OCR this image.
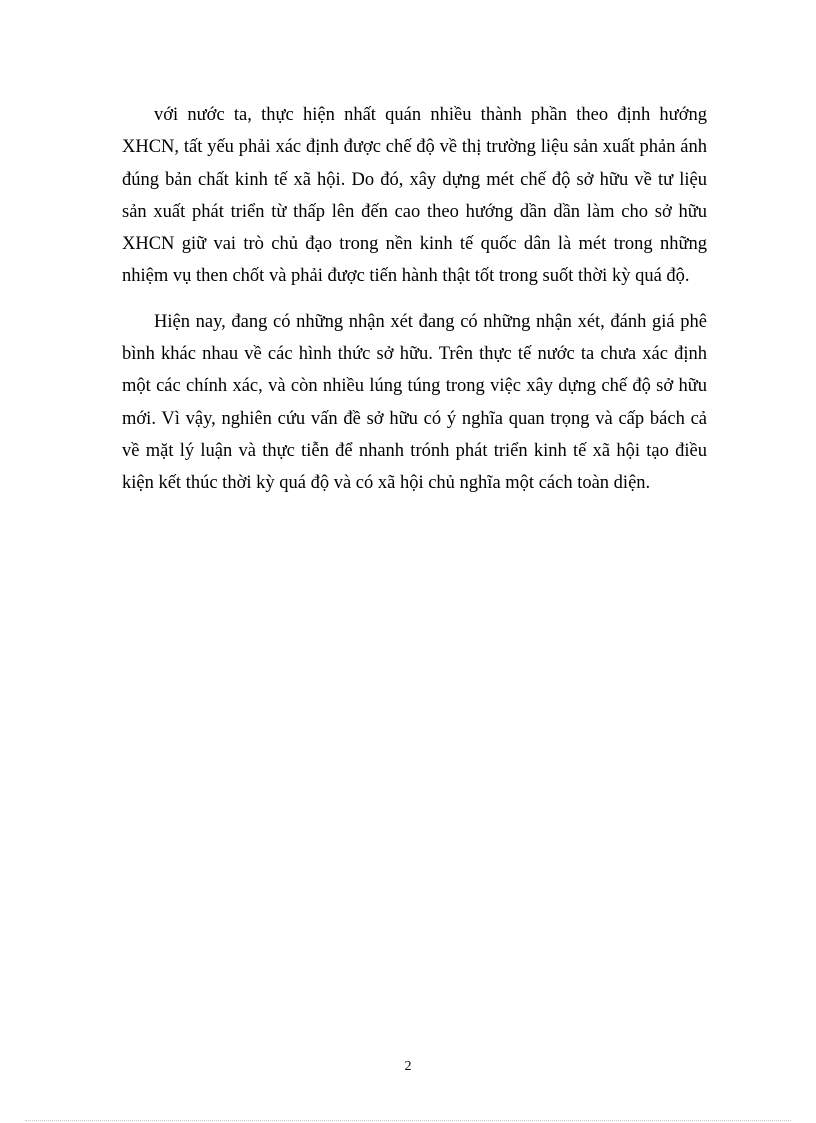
với nước ta, thực hiện nhất quán nhiều thành phần theo định hướng XHCN, tất yếu phải xác định được chế độ về thị trường liệu sản xuất phản ánh đúng bản chất kinh tế xã hội. Do đó, xây dựng mét chế độ sở hữu về tư liệu sản xuất phát triển từ thấp lên đến cao theo hướng dần dần làm cho sở hữu XHCN giữ vai trò chủ đạo trong nền kinh tế quốc dân là mét trong những nhiệm vụ then chốt và phải được tiến hành thật tốt trong suốt thời kỳ quá độ.

Hiện nay, đang có những nhận xét đang có những nhận xét, đánh giá phê bình khác nhau về các hình thức sở hữu. Trên thực tế nước ta chưa xác định một các chính xác, và còn nhiều lúng túng trong việc xây dựng chế độ sở hữu mới. Vì vậy, nghiên cứu vấn đề sở hữu có ý nghĩa quan trọng và cấp bách cả về mặt lý luận và thực tiễn để nhanh trónh phát triển kinh tế xã hội tạo điều kiện kết thúc thời kỳ quá độ và có xã hội chủ nghĩa một cách toàn diện.

2
